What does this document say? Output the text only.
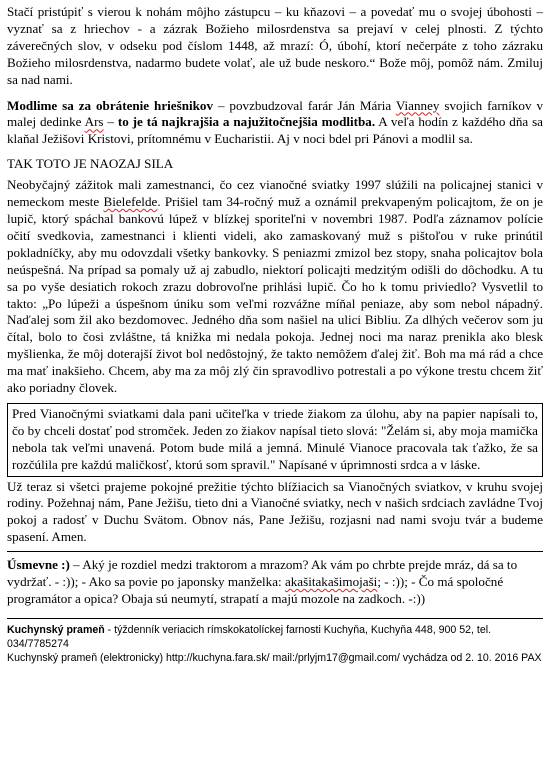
Stačí pristúpiť s vierou k nohám môjho zástupcu – ku kňazovi – a povedať mu o svojej úbohosti – vyznať sa z hriechov - a zázrak Božieho milosrdenstva sa prejaví v celej plnosti. Z týchto záverečných slov, v odseku pod číslom 1448, až mrazí: Ó, úbohí, ktorí nečerpáte z toho zázraku Božieho milosrdenstva, nadarmo budete volať, ale už bude neskoro.“ Bože môj, pomôž nám. Zmiluj sa nad nami.

Modlime sa za obrátenie hriešnikov – povzbudzoval farár Ján Mária Vianney svojich farníkov v malej dedinke Ars – to je tá najkrajšia a najužitočnejšia modlitba. A veľa hodín z každého dňa sa klaňal Ježišovi Kristovi, prítomnému v Eucharistii. Aj v noci bdel pri Pánovi a modlil sa.

TAK TOTO JE NAOZAJ SILA

Neobyčajný zážitok mali zamestnanci, čo cez vianočné sviatky 1997 slúžili na policajnej stanici v nemeckom meste Bielefelde. Prišiel tam 34-ročný muž a oznámil prekvapeným policajtom, že on je lupič, ktorý spáchal bankovú lúpež v blízkej sporiteľni v novembri 1987. Podľa záznamov polície očití svedkovia, zamestnanci i klienti videli, ako zamaskovaný muž s pištoľou v ruke prinútil pokladníčky, aby mu odovzdali všetky bankovky. S peniazmi zmizol bez stopy, snaha policajtov bola neúspešná. Na prípad sa pomaly už aj zabudlo, niektorí policajti medzitým odišli do dôchodku. A tu sa po vyše desiatich rokoch zrazu dobrovoľne prihlási lupič. Čo ho k tomu priviedlo? Vysvetlil to takto: „Po lúpeži a úspešnom úniku som veľmi rozvážne míňal peniaze, aby som nebol nápadný. Naďalej som žil ako bezdomovec. Jedného dňa som našiel na ulici Bibliu. Za dlhých večerov som ju čítal, bolo to čosi zvláštne, tá knižka mi nedala pokoja. Jednej noci ma naraz prenikla ako blesk myšlienka, že môj doterajší život bol nedôstojný, že takto nemôžem ďalej žiť. Boh ma má rád a chce ma mať inakšieho. Chcem, aby ma za môj zlý čin spravodlivo potrestali a po výkone trestu chcem žiť ako poriadny človek.

Pred Vianočnými sviatkami dala pani učiteľka v triede žiakom za úlohu, aby na papier napísali to, čo by chceli dostať pod stromček. Jeden zo žiakov napísal tieto slová: "Želám si, aby moja mamička nebola tak veľmi unavená. Potom bude milá a jemná. Minulé Vianoce pracovala tak ťažko, že sa rozčúlila pre každú maličkosť, ktorú som spravil." Napísané v úprimnosti srdca a v láske.

Už teraz si všetci prajeme pokojné prežitie týchto blížiacich sa Vianočných sviatkov, v kruhu svojej rodiny. Požehnaj nám, Pane Ježišu, tieto dni a Vianočné sviatky, nech v našich srdciach zavládne Tvoj pokoj a radosť v Duchu Svätom. Obnov nás, Pane Ježišu, rozjasni nad nami svoju tvár a budeme spasení. Amen.

Úsmevne :) – Aký je rozdiel medzi traktorom a mrazom? Ak vám po chrbte prejde mráz, dá sa to vydržať. - :)); - Ako sa povie po japonsky manželka: akašitakašimojaši; - :)); - Čo má spoločné programátor a opica? Obaja sú neumytí, strapatí a majú mozole na zadkoch. -:))

Kuchynský prameň - týždenník veriacich rímskokatolíckej farnosti Kuchyňa, Kuchyňa 448, 900 52, tel. 034/7785274
Kuchynský prameň (elektronicky) http://kuchyna.fara.sk/ mail:/prlyjm17@gmail.com/ vychádza od 2. 10. 2016 PAX
